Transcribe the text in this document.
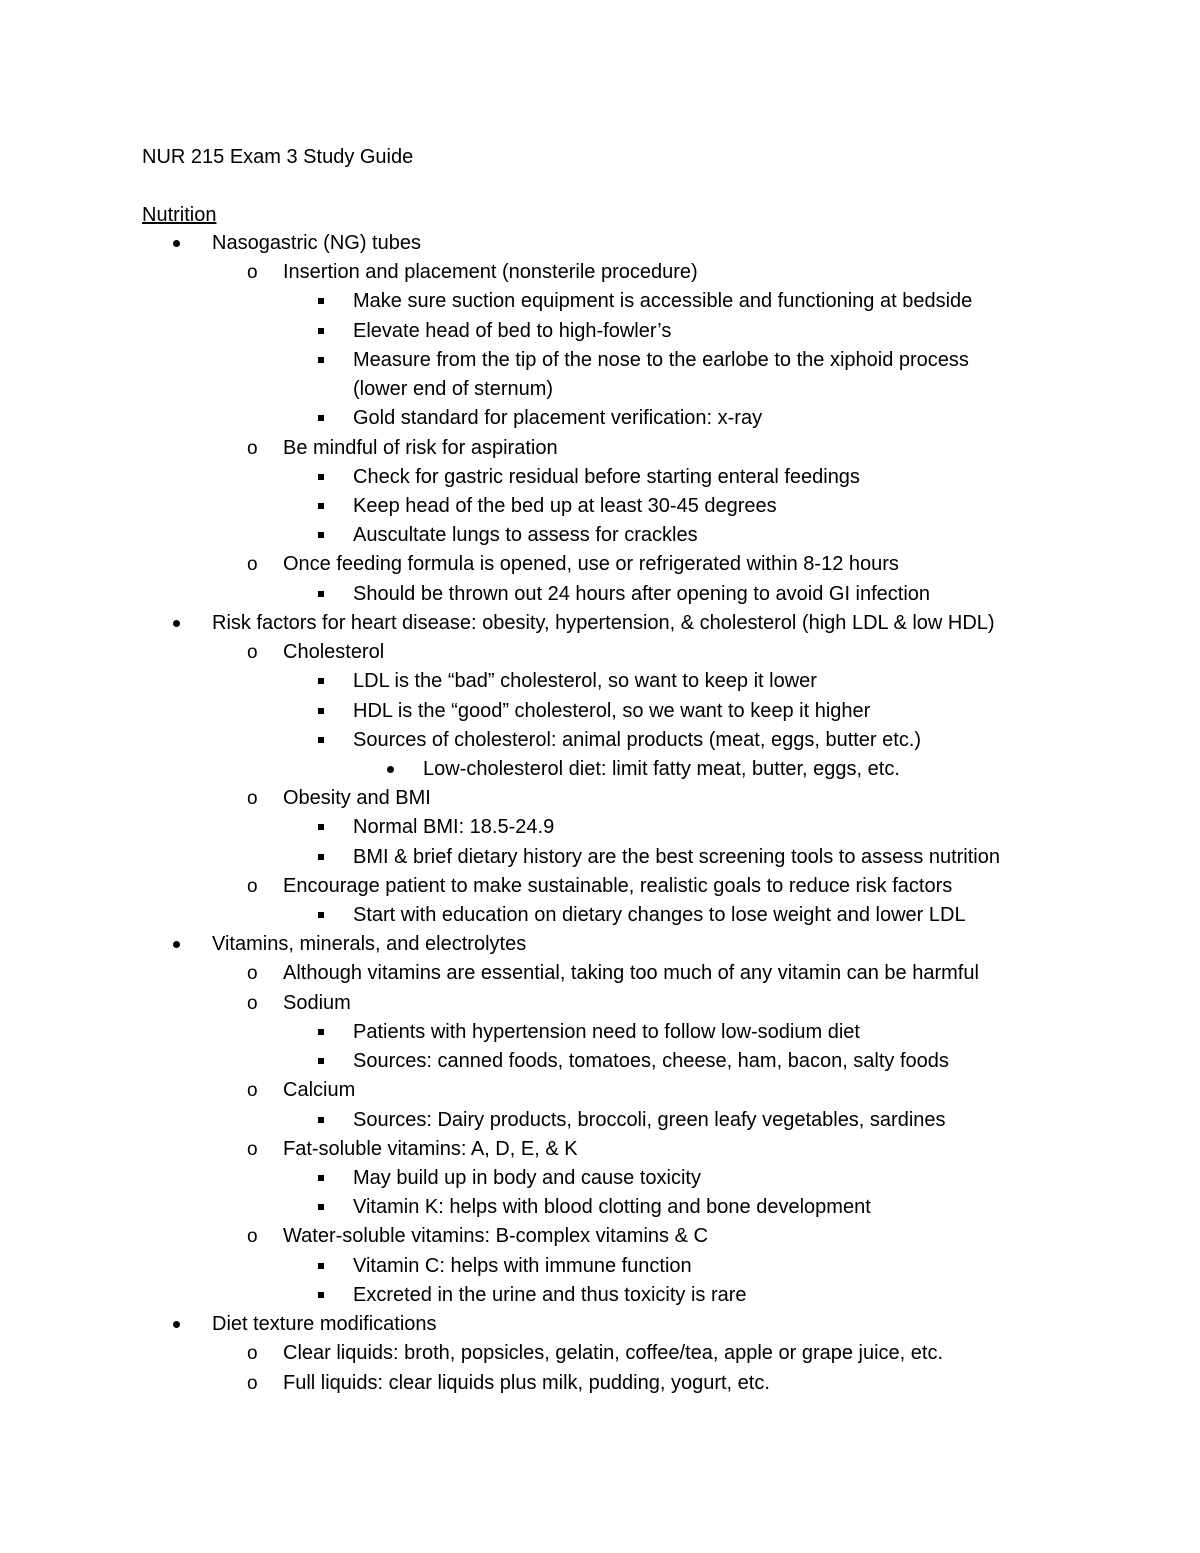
NUR 215 Exam 3 Study Guide
Nutrition
Nasogastric (NG) tubes
o Insertion and placement (nonsterile procedure)
Make sure suction equipment is accessible and functioning at bedside
Elevate head of bed to high-fowler’s
Measure from the tip of the nose to the earlobe to the xiphoid process
(lower end of sternum)
Gold standard for placement verification: x-ray
o Be mindful of risk for aspiration
Check for gastric residual before starting enteral feedings
Keep head of the bed up at least 30-45 degrees
Auscultate lungs to assess for crackles
o Once feeding formula is opened, use or refrigerated within 8-12 hours
Should be thrown out 24 hours after opening to avoid GI infection
Risk factors for heart disease: obesity, hypertension, & cholesterol (high LDL & low HDL)
o Cholesterol
LDL is the “bad” cholesterol, so want to keep it lower
HDL is the “good” cholesterol, so we want to keep it higher
Sources of cholesterol: animal products (meat, eggs, butter etc.)
Low-cholesterol diet: limit fatty meat, butter, eggs, etc.
o Obesity and BMI
Normal BMI: 18.5-24.9
BMI & brief dietary history are the best screening tools to assess nutrition
o Encourage patient to make sustainable, realistic goals to reduce risk factors
Start with education on dietary changes to lose weight and lower LDL
Vitamins, minerals, and electrolytes
o Although vitamins are essential, taking too much of any vitamin can be harmful
o Sodium
Patients with hypertension need to follow low-sodium diet
Sources: canned foods, tomatoes, cheese, ham, bacon, salty foods
o Calcium
Sources: Dairy products, broccoli, green leafy vegetables, sardines
o Fat-soluble vitamins: A, D, E, & K
May build up in body and cause toxicity
Vitamin K: helps with blood clotting and bone development
o Water-soluble vitamins: B-complex vitamins & C
Vitamin C: helps with immune function
Excreted in the urine and thus toxicity is rare
Diet texture modifications
o Clear liquids: broth, popsicles, gelatin, coffee/tea, apple or grape juice, etc.
o Full liquids: clear liquids plus milk, pudding, yogurt, etc.
